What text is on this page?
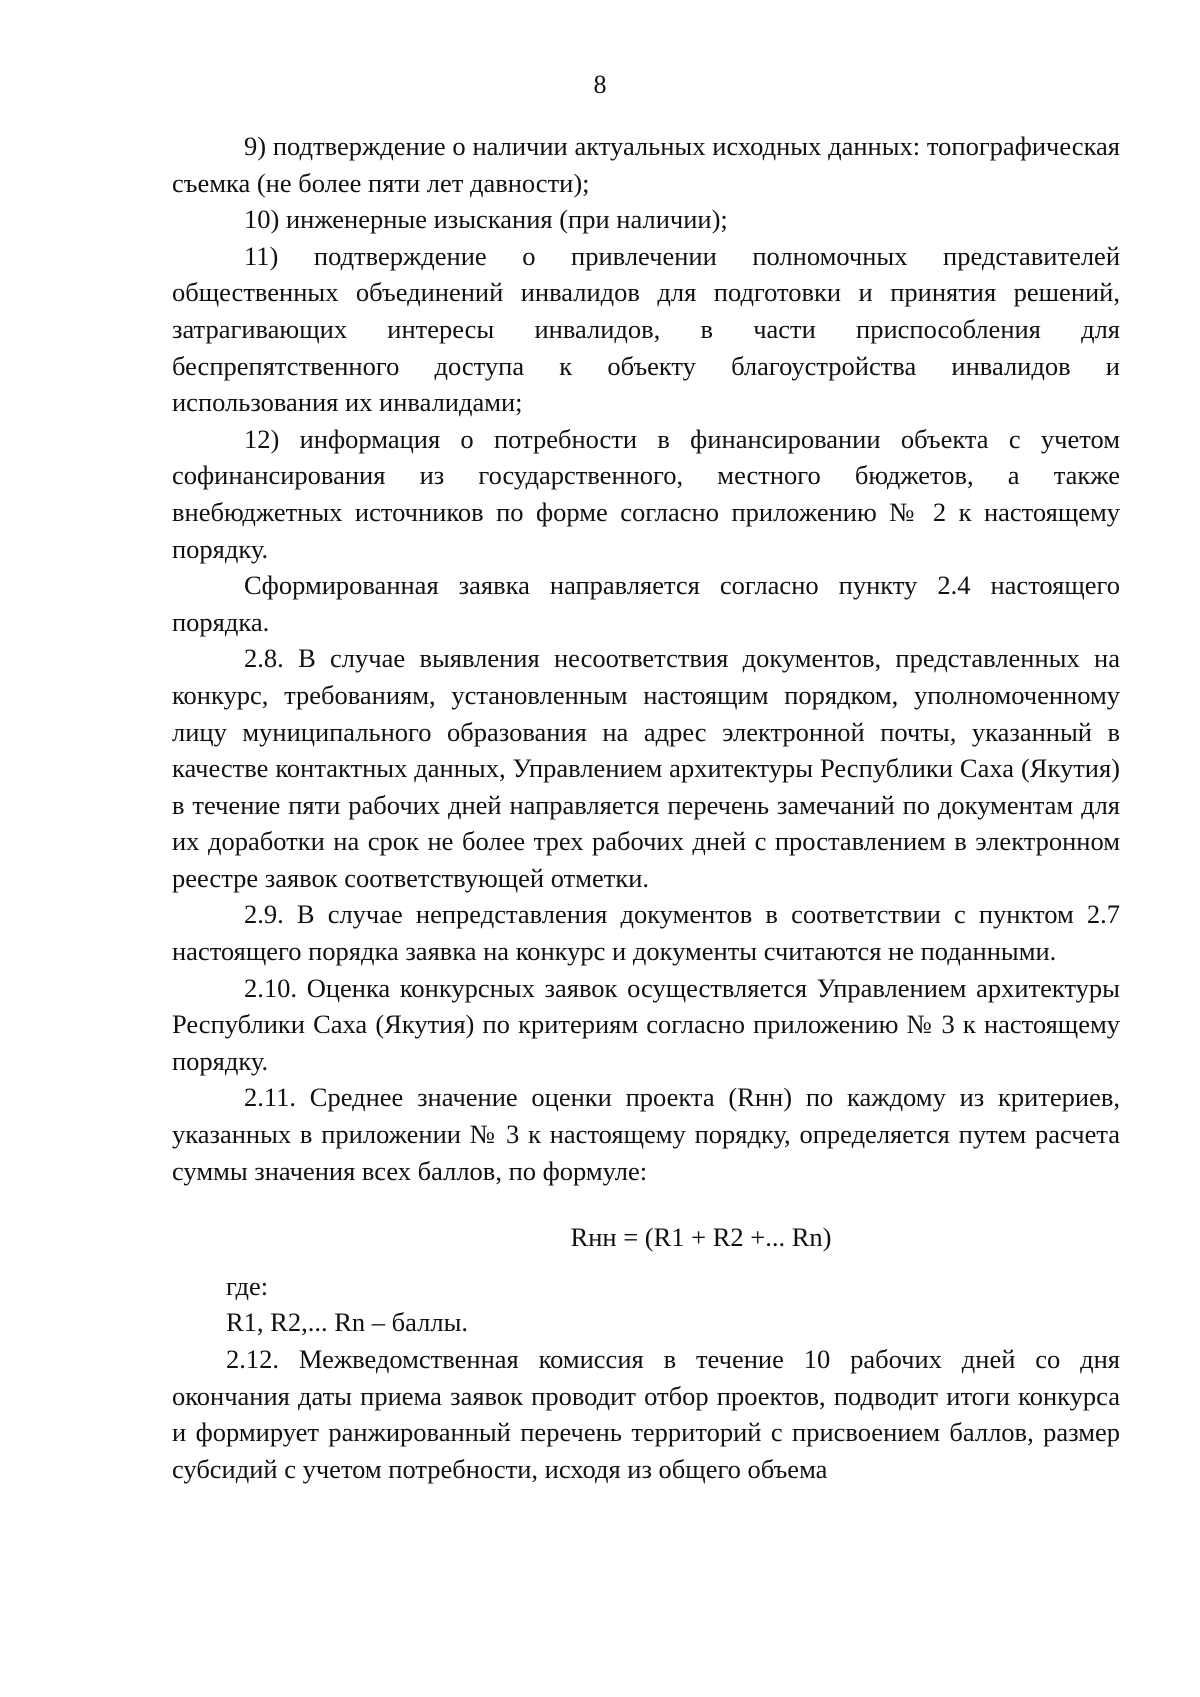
8

9) подтверждение о наличии актуальных исходных данных: топографическая съемка (не более пяти лет давности);

10) инженерные изыскания (при наличии);

11) подтверждение о привлечении полномочных представителей общественных объединений инвалидов для подготовки и принятия решений, затрагивающих интересы инвалидов, в части приспособления для беспрепятственного доступа к объекту благоустройства инвалидов и использования их инвалидами;

12) информация о потребности в финансировании объекта с учетом софинансирования из государственного, местного бюджетов, а также внебюджетных источников по форме согласно приложению № 2 к настоящему порядку.

Сформированная заявка направляется согласно пункту 2.4 настоящего порядка.

2.8. В случае выявления несоответствия документов, представленных на конкурс, требованиям, установленным настоящим порядком, уполномоченному лицу муниципального образования на адрес электронной почты, указанный в качестве контактных данных, Управлением архитектуры Республики Саха (Якутия) в течение пяти рабочих дней направляется перечень замечаний по документам для их доработки на срок не более трех рабочих дней с проставлением в электронном реестре заявок соответствующей отметки.

2.9. В случае непредставления документов в соответствии с пунктом 2.7 настоящего порядка заявка на конкурс и документы считаются не поданными.

2.10. Оценка конкурсных заявок осуществляется Управлением архитектуры Республики Саха (Якутия) по критериям согласно приложению № 3 к настоящему порядку.

2.11. Среднее значение оценки проекта (Rнн) по каждому из критериев, указанных в приложении № 3 к настоящему порядку, определяется путем расчета суммы значения всех баллов, по формуле:

Rнн = (R1 + R2 +... Rn)

где:

R1, R2,... Rn – баллы.

2.12. Межведомственная комиссия в течение 10 рабочих дней со дня окончания даты приема заявок проводит отбор проектов, подводит итоги конкурса и формирует ранжированный перечень территорий с присвоением баллов, размер субсидий с учетом потребности, исходя из общего объема
